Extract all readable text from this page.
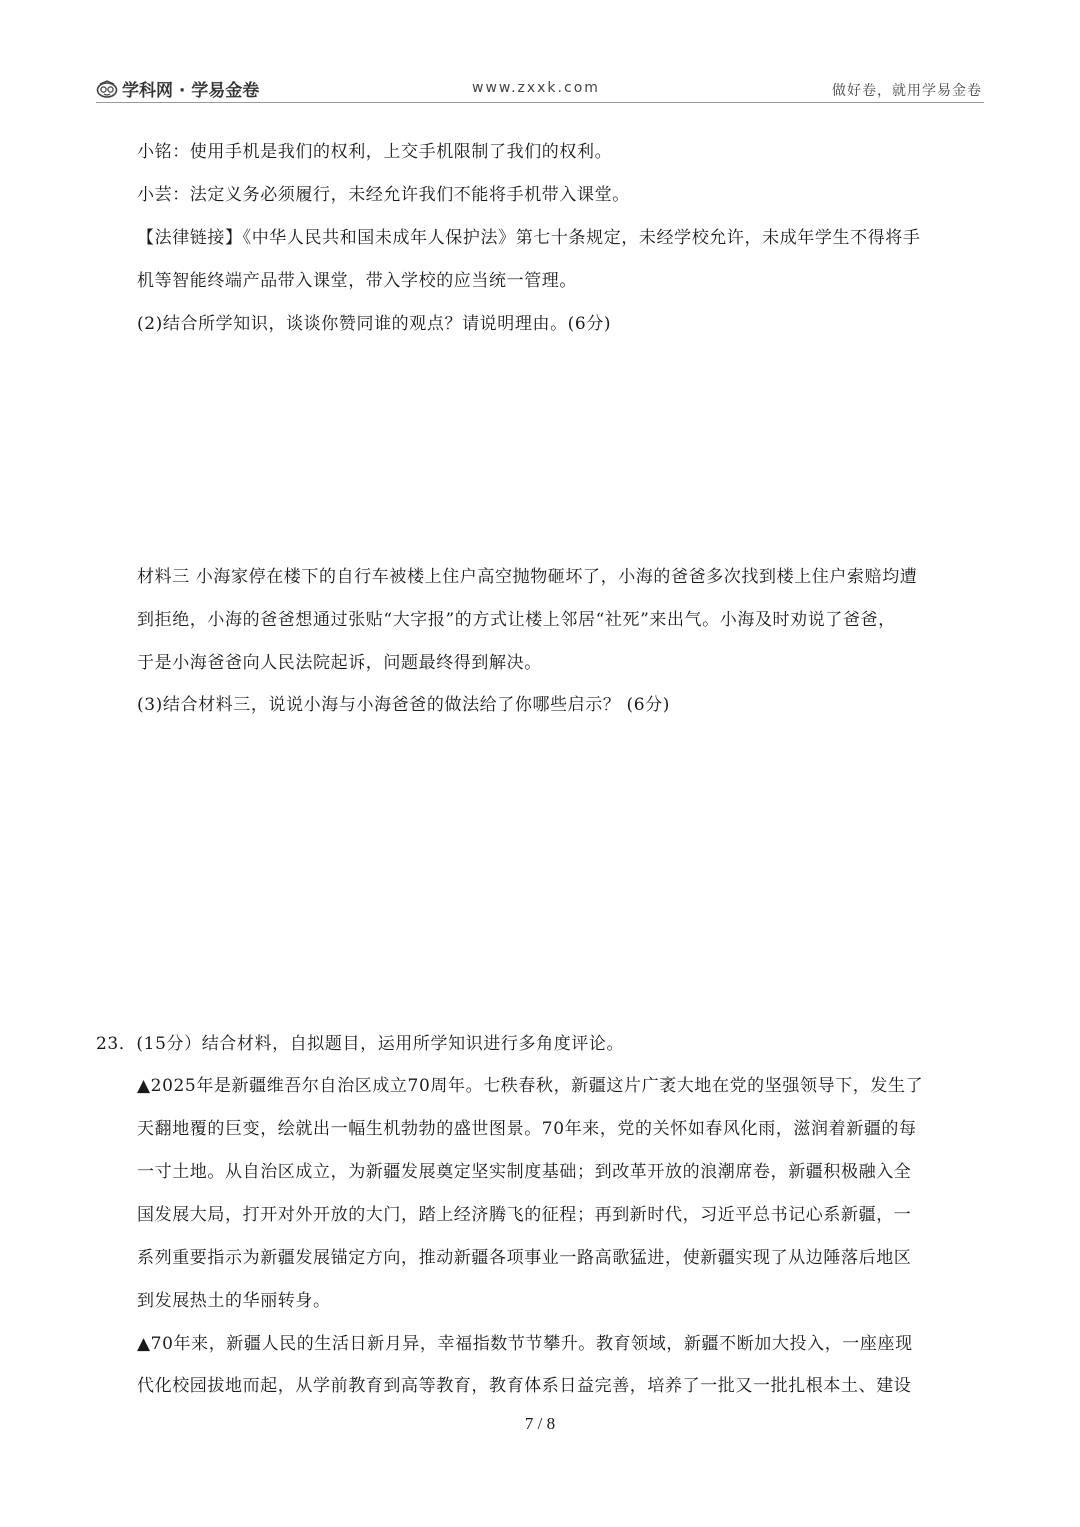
学科网 · 学易金卷	www.zxxk.com	做好卷，就用学易金卷
小铭：使用手机是我们的权利，上交手机限制了我们的权利。
小芸：法定义务必须履行，未经允许我们不能将手机带入课堂。
【法律链接】《中华人民共和国未成年人保护法》第七十条规定，未经学校允许，未成年学生不得将手
机等智能终端产品带入课堂，带入学校的应当统一管理。
(2)结合所学知识，谈谈你赞同谁的观点？请说明理由。(6分)
材料三 小海家停在楼下的自行车被楼上住户高空抛物砸坏了，小海的爸爸多次找到楼上住户索赔均遭
到拒绝，小海的爸爸想通过张贴“大字报”的方式让楼上邻居“社死”来出气。小海及时劝说了爸爸，
于是小海爸爸向人民法院起诉，问题最终得到解决。
(3)结合材料三，说说小海与小海爸爸的做法给了你哪些启示？ (6分)
23．(15分）结合材料，自拟题目，运用所学知识进行多角度评论。
▲2025年是新疆维吾尔自治区成立70周年。七秩春秋，新疆这片广袤大地在党的坚强领导下，发生了
天翻地覆的巨变，绘就出一幅生机勃勃的盛世图景。70年来，党的关怀如春风化雨，滋润着新疆的每
一寸土地。从自治区成立，为新疆发展奠定坚实制度基础；到改革开放的浪潮席卷，新疆积极融入全
国发展大局，打开对外开放的大门，踏上经济腾飞的征程；再到新时代，习近平总书记心系新疆，一
系列重要指示为新疆发展锚定方向，推动新疆各项事业一路高歌猛进，使新疆实现了从边陲落后地区
到发展热土的华丽转身。
▲70年来，新疆人民的生活日新月异，幸福指数节节攀升。教育领域，新疆不断加大投入，一座座现
代化校园拔地而起，从学前教育到高等教育，教育体系日益完善，培养了一批又一批扎根本土、建设
7 / 8
